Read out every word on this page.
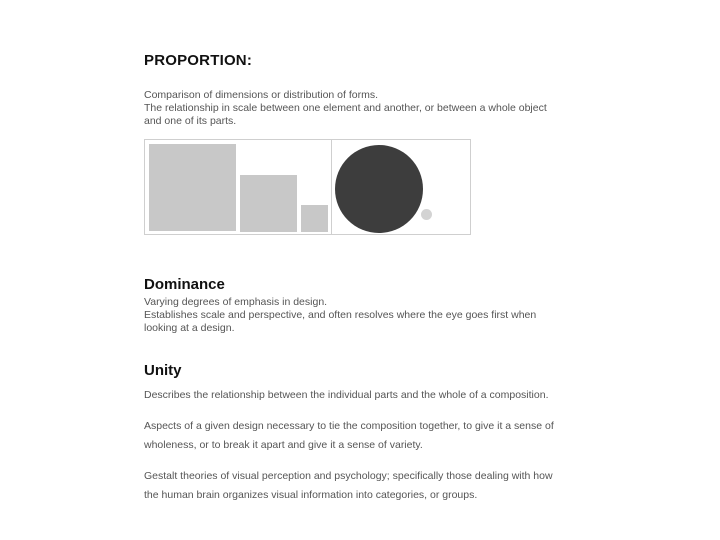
PROPORTION:
Comparison of dimensions or distribution of forms.
The relationship in scale between one element and another, or between a whole object
and one of its parts.
Dominance
Varying degrees of emphasis in design.
Establishes scale and perspective, and often resolves where the eye goes first when
looking at a design.
Unity
Describes the relationship between the individual parts and the whole of a composition.
Aspects of a given design necessary to tie the composition together, to give it a sense of
wholeness, or to break it apart and give it a sense of variety.
Gestalt theories of visual perception and psychology; specifically those dealing with how
the human brain organizes visual information into categories, or groups.
